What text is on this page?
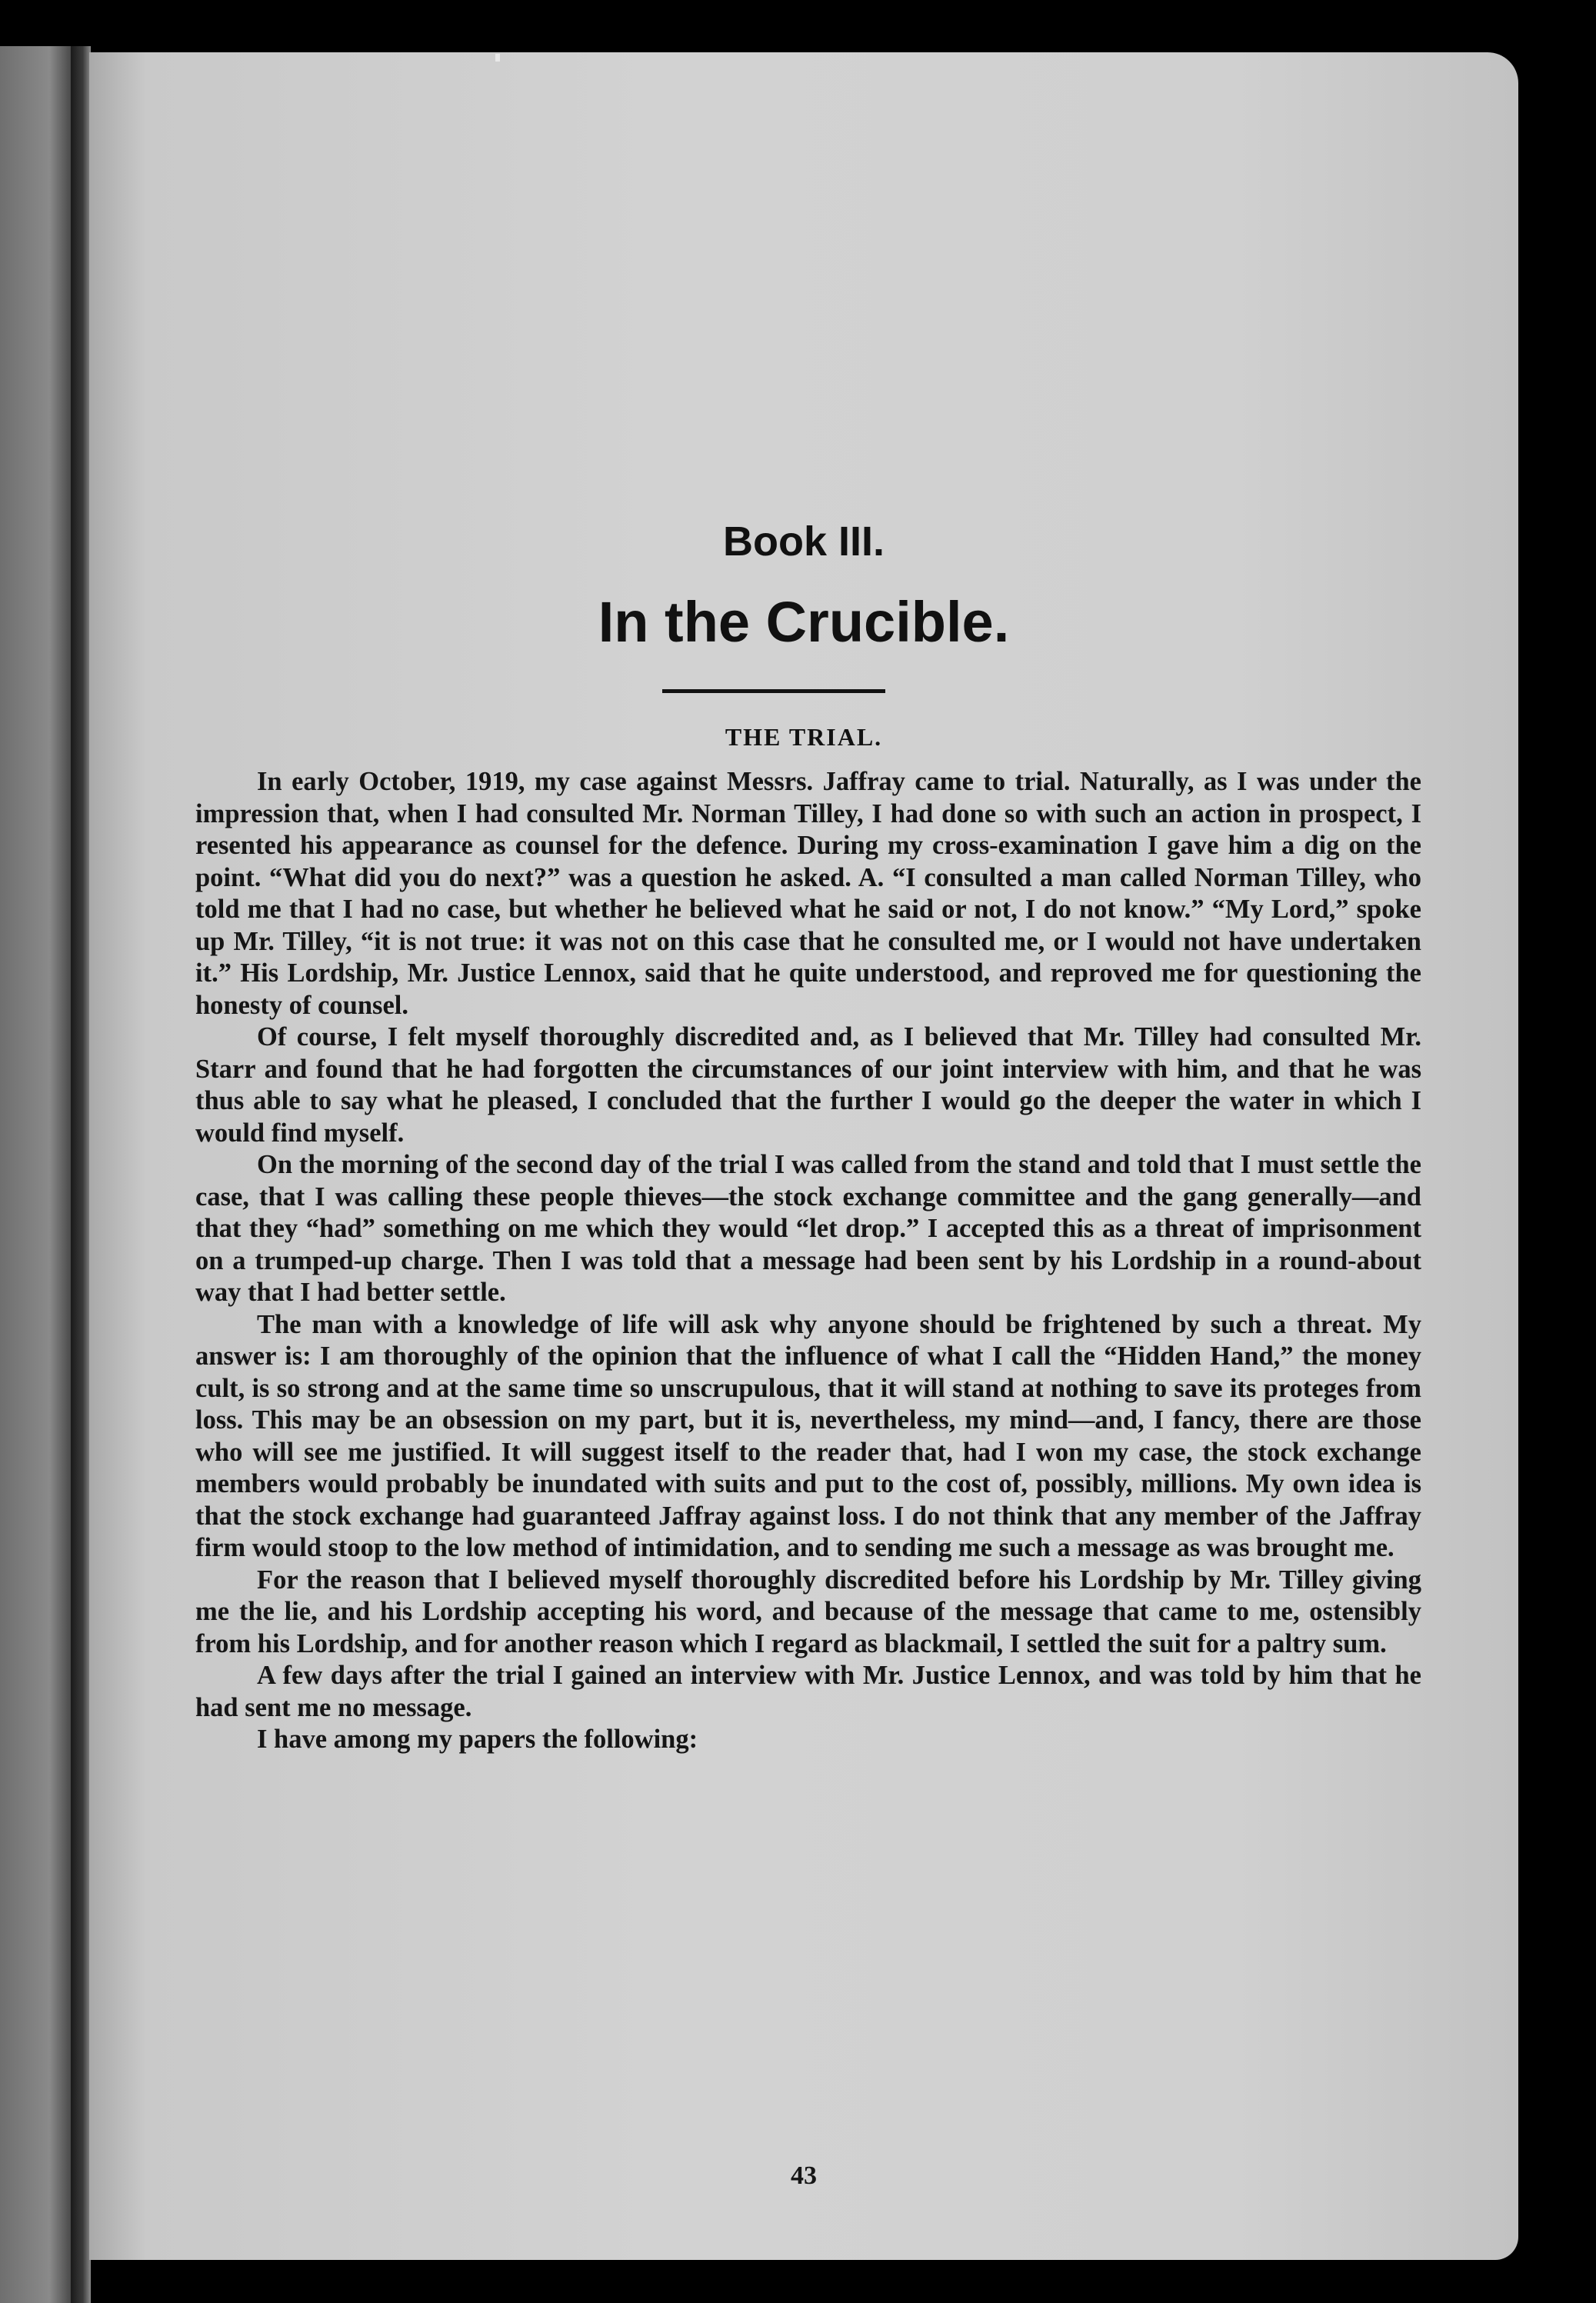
Book III.
In the Crucible.
THE TRIAL.

In early October, 1919, my case against Messrs. Jaffray came to trial. Naturally, as I was under the impression that, when I had consulted Mr. Norman Tilley, I had done so with such an action in prospect, I resented his appearance as counsel for the defence. During my cross-examination I gave him a dig on the point. “What did you do next?” was a question he asked. A. “I consulted a man called Norman Tilley, who told me that I had no case, but whether he believed what he said or not, I do not know.” “My Lord,” spoke up Mr. Tilley, “it is not true: it was not on this case that he consulted me, or I would not have undertaken it.” His Lordship, Mr. Justice Lennox, said that he quite understood, and reproved me for questioning the honesty of counsel.

Of course, I felt myself thoroughly discredited and, as I believed that Mr. Tilley had consulted Mr. Starr and found that he had forgotten the circumstances of our joint interview with him, and that he was thus able to say what he pleased, I concluded that the further I would go the deeper the water in which I would find myself.

On the morning of the second day of the trial I was called from the stand and told that I must settle the case, that I was calling these people thieves—the stock exchange committee and the gang generally—and that they “had” something on me which they would “let drop.” I accepted this as a threat of imprisonment on a trumped-up charge. Then I was told that a message had been sent by his Lordship in a round-about way that I had better settle.

The man with a knowledge of life will ask why anyone should be frightened by such a threat. My answer is: I am thoroughly of the opinion that the influence of what I call the “Hidden Hand,” the money cult, is so strong and at the same time so unscrupulous, that it will stand at nothing to save its proteges from loss. This may be an obsession on my part, but it is, nevertheless, my mind—and, I fancy, there are those who will see me justified. It will suggest itself to the reader that, had I won my case, the stock exchange members would probably be inundated with suits and put to the cost of, possibly, millions. My own idea is that the stock exchange had guaranteed Jaffray against loss. I do not think that any member of the Jaffray firm would stoop to the low method of intimidation, and to sending me such a message as was brought me.

For the reason that I believed myself thoroughly discredited before his Lordship by Mr. Tilley giving me the lie, and his Lordship accepting his word, and because of the message that came to me, ostensibly from his Lordship, and for another reason which I regard as blackmail, I settled the suit for a paltry sum.

A few days after the trial I gained an interview with Mr. Justice Lennox, and was told by him that he had sent me no message.

I have among my papers the following:

43
